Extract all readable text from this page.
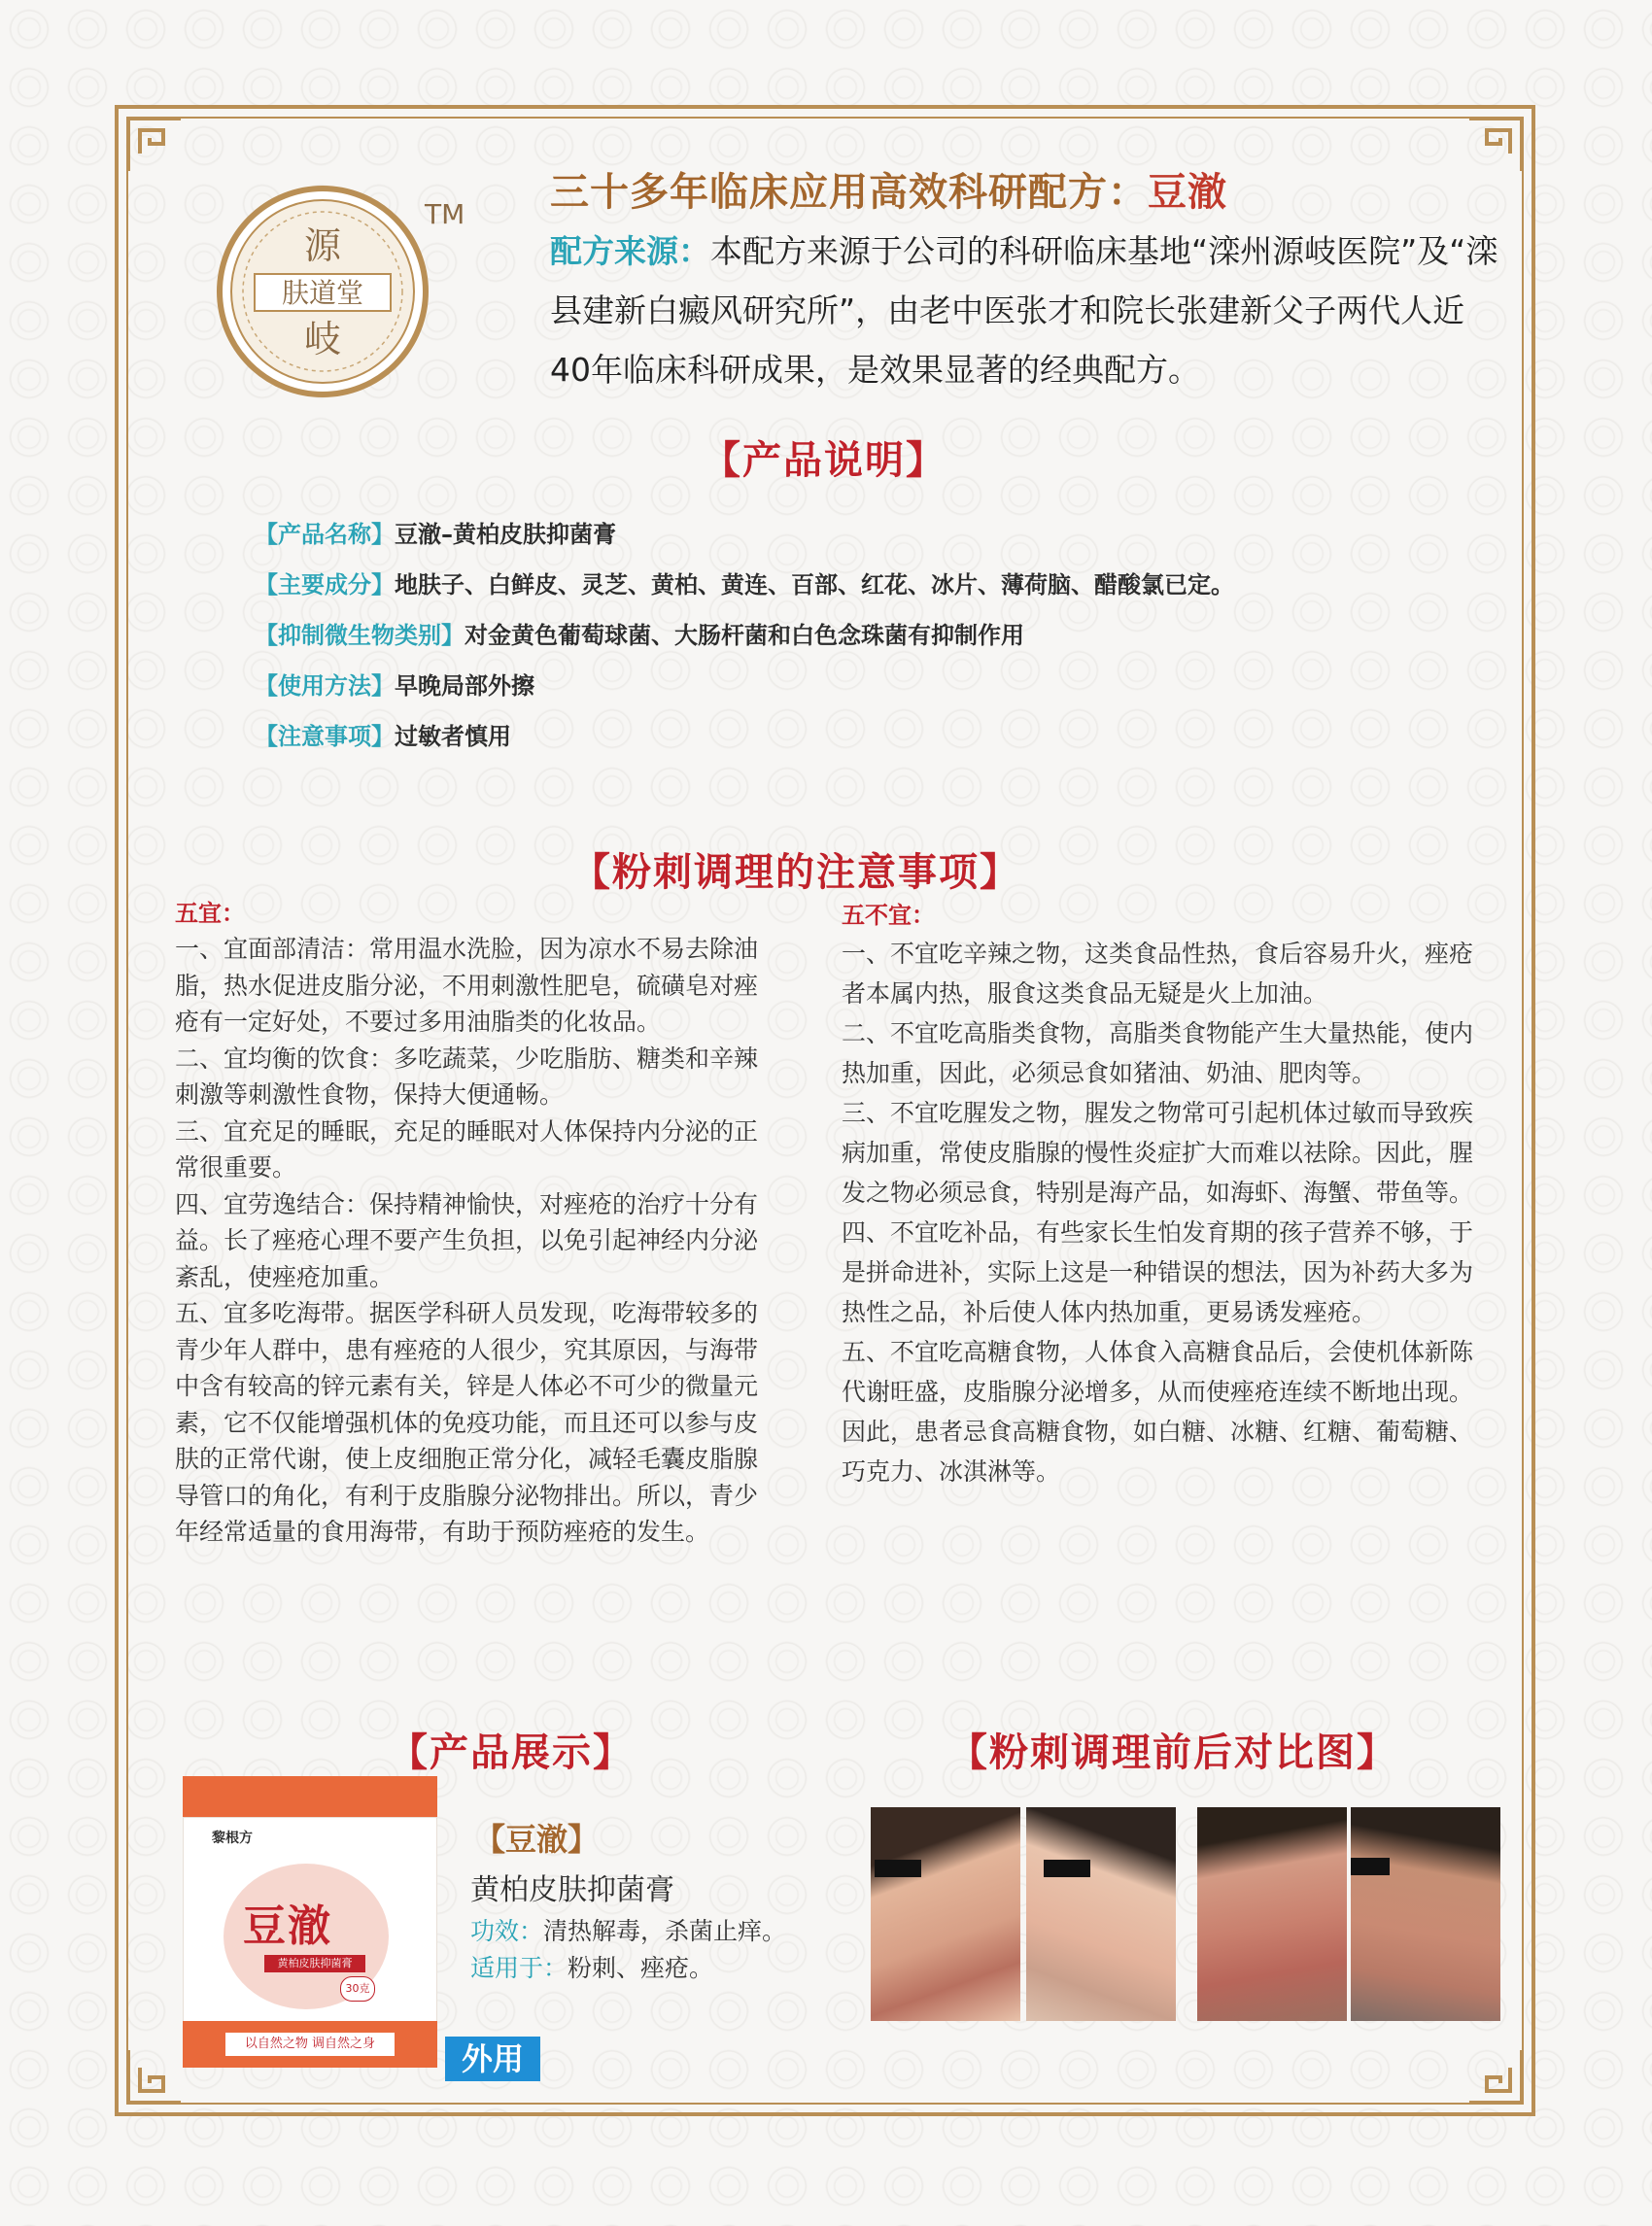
源
肤道堂
岐
TM 三十多年临床应用高效科研配方：豆澈
配方来源：本配方来源于公司的科研临床基地“滦州源岐医院”及“滦县建新白癜风研究所”，由老中医张才和院长张建新父子两代人近40年临床科研成果，是效果显著的经典配方。
【产品说明】
【产品名称】豆澈–黄柏皮肤抑菌膏
【主要成分】地肤子、白鲜皮、灵芝、黄柏、黄连、百部、红花、冰片、薄荷脑、醋酸氯已定。
【抑制微生物类别】对金黄色葡萄球菌、大肠杆菌和白色念珠菌有抑制作用
【使用方法】早晚局部外擦
【注意事项】过敏者慎用
【粉刺调理的注意事项】
五宜：	五不宜：

一、宜面部清洁：常用温水洗脸，因为凉水不易去除油脂，热水促进皮脂分泌，不用刺激性肥皂，硫磺皂对痤疮有一定好处，不要过多用油脂类的化妆品。

二、宜均衡的饮食：多吃蔬菜，少吃脂肪、糖类和辛辣刺激等刺激性食物，保持大便通畅。

三、宜充足的睡眠，充足的睡眠对人体保持内分泌的正常很重要。

四、宜劳逸结合：保持精神愉快，对痤疮的治疗十分有益。长了痤疮心理不要产生负担，以免引起神经内分泌紊乱，使痤疮加重。

五、宜多吃海带。据医学科研人员发现，吃海带较多的青少年人群中，患有痤疮的人很少，究其原因，与海带中含有较高的锌元素有关，锌是人体必不可少的微量元素，它不仅能增强机体的免疫功能，而且还可以参与皮肤的正常代谢，使上皮细胞正常分化，减轻毛囊皮脂腺导管口的角化，有利于皮脂腺分泌物排出。所以，青少年经常适量的食用海带，有助于预防痤疮的发生。

一、不宜吃辛辣之物，这类食品性热，食后容易升火，痤疮者本属内热，服食这类食品无疑是火上加油。

二、不宜吃高脂类食物，高脂类食物能产生大量热能，使内热加重，因此，必须忌食如猪油、奶油、肥肉等。

三、不宜吃腥发之物，腥发之物常可引起机体过敏而导致疾病加重，常使皮脂腺的慢性炎症扩大而难以祛除。因此，腥发之物必须忌食，特别是海产品，如海虾、海蟹、带鱼等。

四、不宜吃补品，有些家长生怕发育期的孩子营养不够，于是拼命进补，实际上这是一种错误的想法，因为补药大多为热性之品，补后使人体内热加重，更易诱发痤疮。

五、不宜吃高糖食物，人体食入高糖食品后，会使机体新陈代谢旺盛，皮脂腺分泌增多，从而使痤疮连续不断地出现。因此，患者忌食高糖食物，如白糖、冰糖、红糖、葡萄糖、巧克力、冰淇淋等。

【产品展示】
黎根方
豆澈
黄柏皮肤抑菌膏
30克
以自然之物 调自然之身
【豆澈】
黄柏皮肤抑菌膏
功效：清热解毒，杀菌止痒。
适用于：粉刺、痤疮。
外用
【粉刺调理前后对比图】
